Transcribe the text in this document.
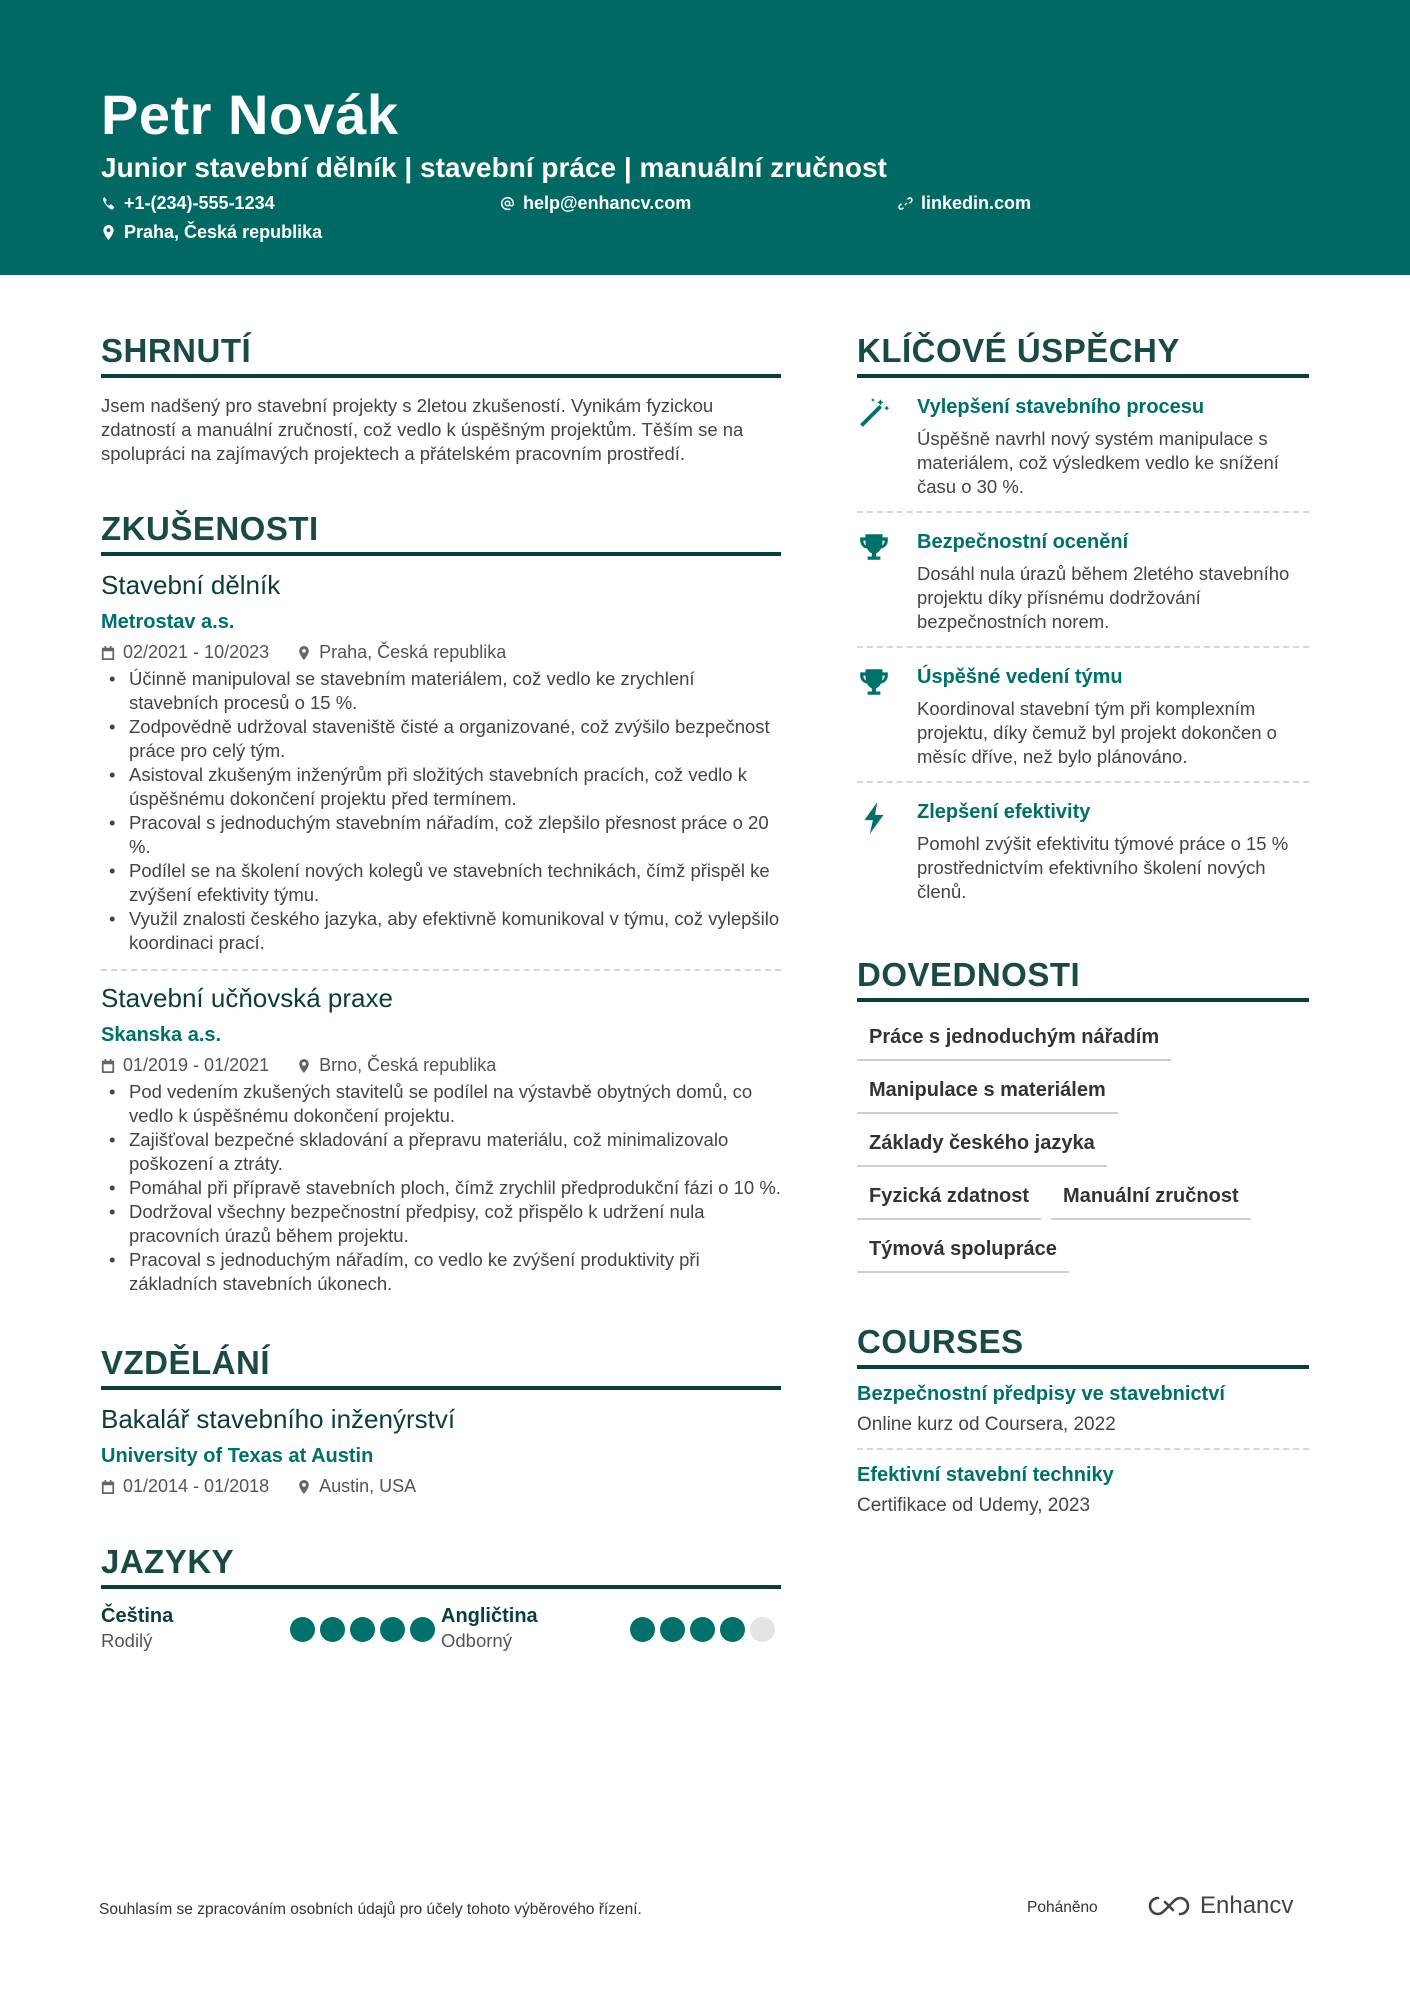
Petr Novák
Junior stavební dělník | stavební práce | manuální zručnost
+1-(234)-555-1234	help@enhancv.com	linkedin.com
Praha, Česká republika
SHRNUTÍ
Jsem nadšený pro stavební projekty s 2letou zkušeností. Vynikám fyzickou zdatností a manuální zručností, což vedlo k úspěšným projektům. Těším se na spolupráci na zajímavých projektech a přátelském pracovním prostředí.
ZKUŠENOSTI
Stavební dělník
Metrostav a.s.
02/2021 - 10/2023	Praha, Česká republika
• Účinně manipuloval se stavebním materiálem, což vedlo ke zrychlení stavebních procesů o 15 %.
• Zodpovědně udržoval staveniště čisté a organizované, což zvýšilo bezpečnost práce pro celý tým.
• Asistoval zkušeným inženýrům při složitých stavebních pracích, což vedlo k úspěšnému dokončení projektu před termínem.
• Pracoval s jednoduchým stavebním nářadím, což zlepšilo přesnost práce o 20 %.
• Podílel se na školení nových kolegů ve stavebních technikách, čímž přispěl ke zvýšení efektivity týmu.
• Využil znalosti českého jazyka, aby efektivně komunikoval v týmu, což vylepšilo koordinaci prací.
Stavební učňovská praxe
Skanska a.s.
01/2019 - 01/2021	Brno, Česká republika
• Pod vedením zkušených stavitelů se podílel na výstavbě obytných domů, co vedlo k úspěšnému dokončení projektu.
• Zajišťoval bezpečné skladování a přepravu materiálu, což minimalizovalo poškození a ztráty.
• Pomáhal při přípravě stavebních ploch, čímž zrychlil předprodukční fázi o 10 %.
• Dodržoval všechny bezpečnostní předpisy, což přispělo k udržení nula pracovních úrazů během projektu.
• Pracoval s jednoduchým nářadím, co vedlo ke zvýšení produktivity při základních stavebních úkonech.
VZDĚLÁNÍ
Bakalář stavebního inženýrství
University of Texas at Austin
01/2014 - 01/2018	Austin, USA
JAZYKY
Čeština
Rodilý
Angličtina
Odborný
KLÍČOVÉ ÚSPĚCHY
Vylepšení stavebního procesu
Úspěšně navrhl nový systém manipulace s materiálem, což výsledkem vedlo ke snížení času o 30 %.
Bezpečnostní ocenění
Dosáhl nula úrazů během 2letého stavebního projektu díky přísnému dodržování bezpečnostních norem.
Úspěšné vedení týmu
Koordinoval stavební tým při komplexním projektu, díky čemuž byl projekt dokončen o měsíc dříve, než bylo plánováno.
Zlepšení efektivity
Pomohl zvýšit efektivitu týmové práce o 15 % prostřednictvím efektivního školení nových členů.
DOVEDNOSTI
Práce s jednoduchým nářadím
Manipulace s materiálem
Základy českého jazyka
Fyzická zdatnost	Manuální zručnost
Týmová spolupráce
COURSES
Bezpečnostní předpisy ve stavebnictví
Online kurz od Coursera, 2022
Efektivní stavební techniky
Certifikace od Udemy, 2023
Souhlasím se zpracováním osobních údajů pro účely tohoto výběrového řízení.	Poháněno	Enhancv
